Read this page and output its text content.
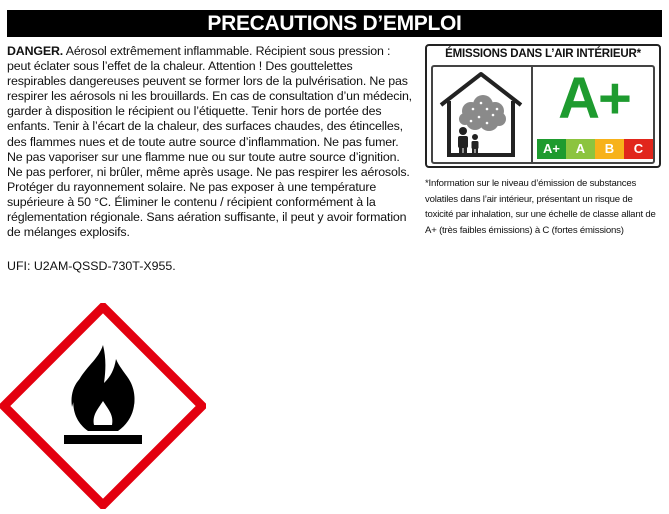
PRECAUTIONS D’EMPLOI
DANGER. Aérosol extrêmement inflammable. Récipient sous pression : peut éclater sous l’effet de la chaleur. Attention ! Des gouttelettes respirables dangereuses peuvent se former lors de la pulvérisation. Ne pas respirer les aérosols ni les brouillards. En cas de consultation d’un médecin, garder à disposition le récipient ou l’étiquette. Tenir hors de portée des enfants. Tenir à l’écart de la chaleur, des surfaces chaudes, des étincelles, des flammes nues et de toute autre source d’inflammation. Ne pas fumer. Ne pas vaporiser sur une flamme nue ou sur toute autre source d’ignition. Ne pas perforer, ni brûler, même après usage. Ne pas respirer les aérosols. Protéger du rayonnement solaire. Ne pas exposer à une température supérieure à 50 °C. Éliminer le contenu / récipient conformément à la réglementation régionale. Sans aération suffisante, il peut y avoir formation de mélanges explosifs.
UFI: U2AM-QSSD-730T-X955.
ÉMISSIONS DANS L’AIR INTÉRIEUR*
A+
A+	A	B	C
*Information sur le niveau d’émission de substances volatiles dans l’air intérieur, présentant un risque de toxicité par inhalation, sur une échelle de classe allant de A+ (très faibles émissions) à C (fortes émissions)
